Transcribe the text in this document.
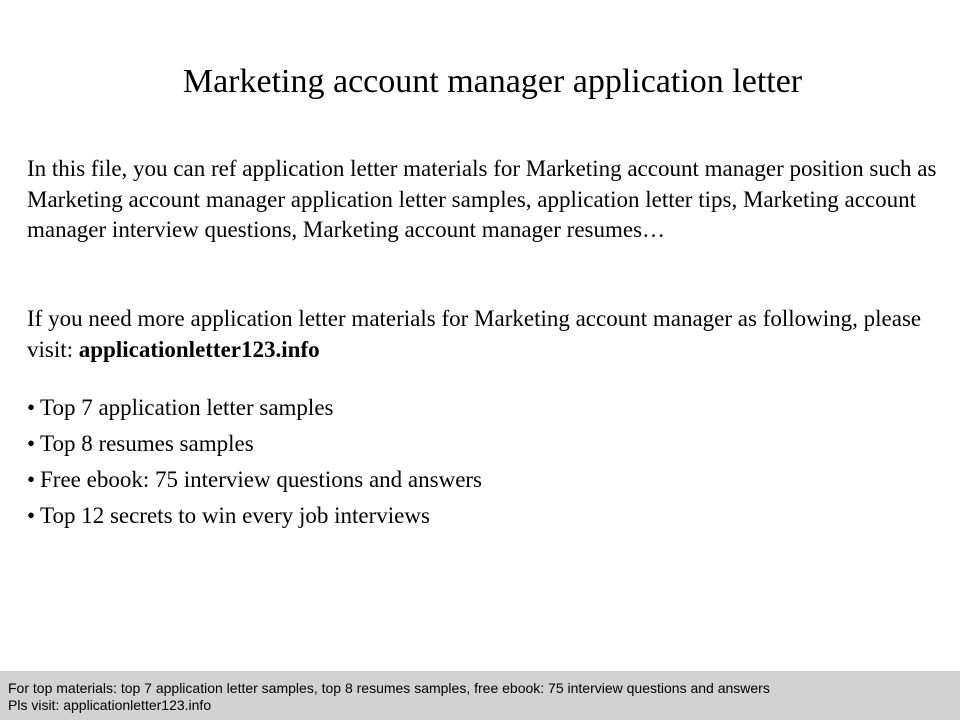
Marketing account manager application letter

In this file, you can ref application letter materials for Marketing account manager position such as Marketing account manager application letter samples, application letter tips, Marketing account manager interview questions, Marketing account manager resumes…

If you need more application letter materials for Marketing account manager as following, please visit: applicationletter123.info

• Top 7 application letter samples
• Top 8 resumes samples
• Free ebook: 75 interview questions and answers
• Top 12 secrets to win every job interviews
For top materials: top 7 application letter samples, top 8 resumes samples, free ebook: 75 interview questions and answers
Pls visit: applicationletter123.info
